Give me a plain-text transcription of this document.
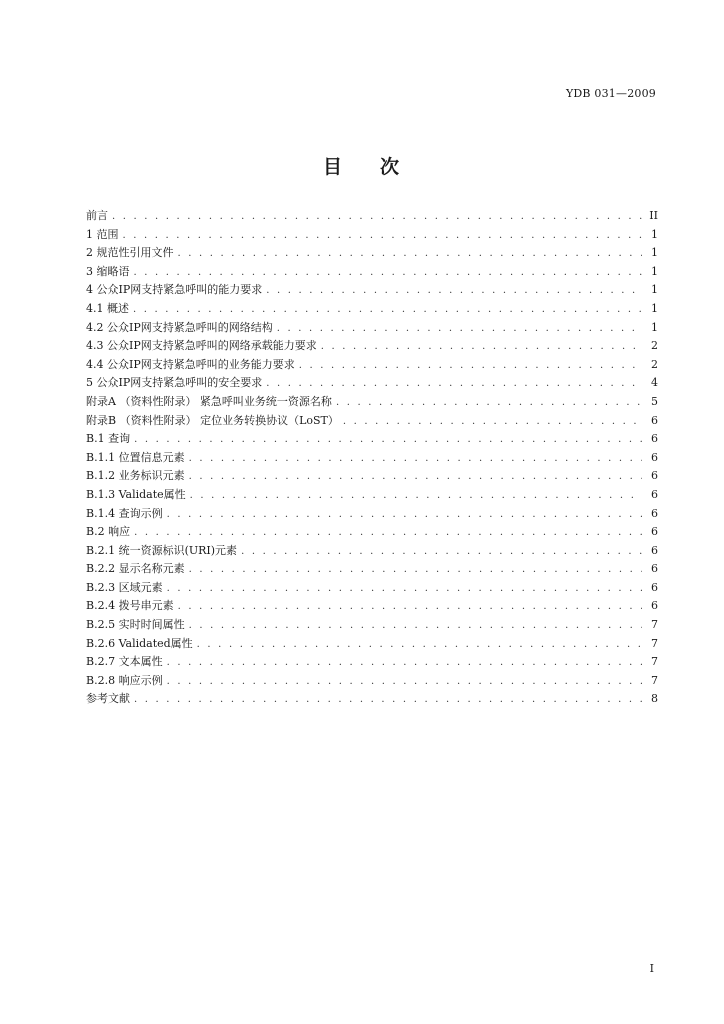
YDB 031—2009
目 次
前言 . . .	II
1 范围 . . .	1
2 规范性引用文件 . . .	1
3 缩略语 . . .	1
4 公众IP网支持紧急呼叫的能力要求 . . .	1
4.1 概述 . . .	1
4.2 公众IP网支持紧急呼叫的网络结构 . . .	1
4.3 公众IP网支持紧急呼叫的网络承载能力要求 . . .	2
4.4 公众IP网支持紧急呼叫的业务能力要求 . . .	2
5 公众IP网支持紧急呼叫的安全要求 . . .	4
附录A （资料性附录） 紧急呼叫业务统一资源名称 . . .	5
附录B （资料性附录） 定位业务转换协议（LoST） . . .	6
B.1 查询 . . .	6
B.1.1 位置信息元素 . . .	6
B.1.2 业务标识元素 . . .	6
B.1.3 Validate属性 . . .	6
B.1.4 查询示例 . . .	6
B.2 响应 . . .	6
B.2.1 统一资源标识(URI)元素 . . .	6
B.2.2 显示名称元素 . . .	6
B.2.3 区域元素 . . .	6
B.2.4 拨号串元素 . . .	6
B.2.5 实时时间属性 . . .	7
B.2.6 Validated属性 . . .	7
B.2.7 文本属性 . . .	7
B.2.8 响应示例 . . .	7
参考文献 . . .	8
I
